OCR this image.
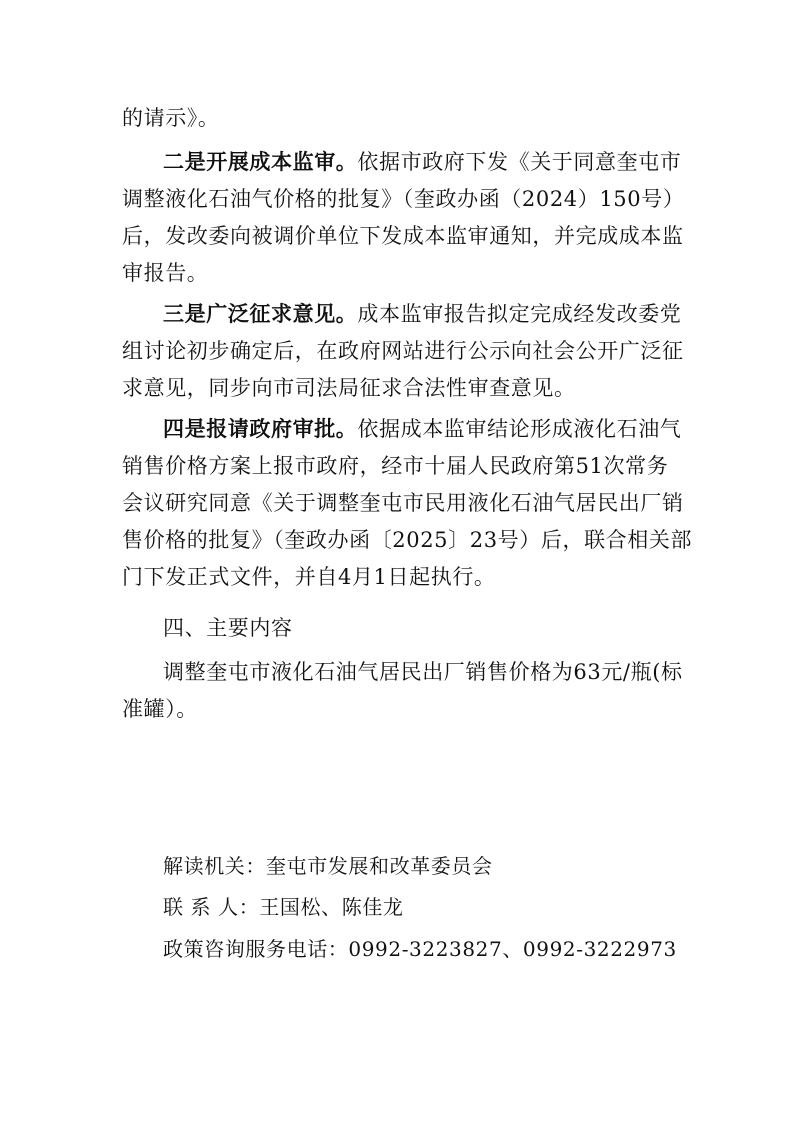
的请示》。
二是开展成本监审。依据市政府下发《关于同意奎屯市
调整液化石油气价格的批复》（奎政办函（2024）150号）
后，发改委向被调价单位下发成本监审通知，并完成成本监
审报告。
三是广泛征求意见。成本监审报告拟定完成经发改委党
组讨论初步确定后，在政府网站进行公示向社会公开广泛征
求意见，同步向市司法局征求合法性审查意见。
四是报请政府审批。依据成本监审结论形成液化石油气
销售价格方案上报市政府，经市十届人民政府第51次常务
会议研究同意《关于调整奎屯市民用液化石油气居民出厂销
售价格的批复》（奎政办函〔2025〕23号）后，联合相关部
门下发正式文件，并自4月1日起执行。
四、主要内容
调整奎屯市液化石油气居民出厂销售价格为63元/瓶(标
准罐）。
解读机关：奎屯市发展和改革委员会
联 系 人：王国松、陈佳龙
政策咨询服务电话：0992-3223827、0992-3222973
